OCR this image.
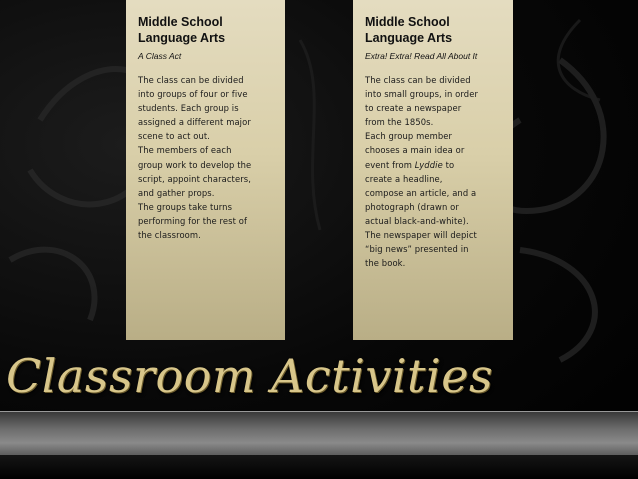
Middle School
Language Arts
A Class Act
The class can be divided
into groups of four or five
students. Each group is
assigned a different major
scene to act out.
The members of each
group work to develop the
script, appoint characters,
and gather props.
The groups take turns
performing for the rest of
the classroom.
Middle School
Language Arts
Extra! Extra! Read All About It
The class can be divided
into small groups, in order
to create a newspaper
from the 1850s.
Each group member
chooses a main idea or
event from Lyddie to
create a headline,
compose an article, and a
photograph (drawn or
actual black-and-white).
The newspaper will depict
“big news” presented in
the book.
Classroom Activities
